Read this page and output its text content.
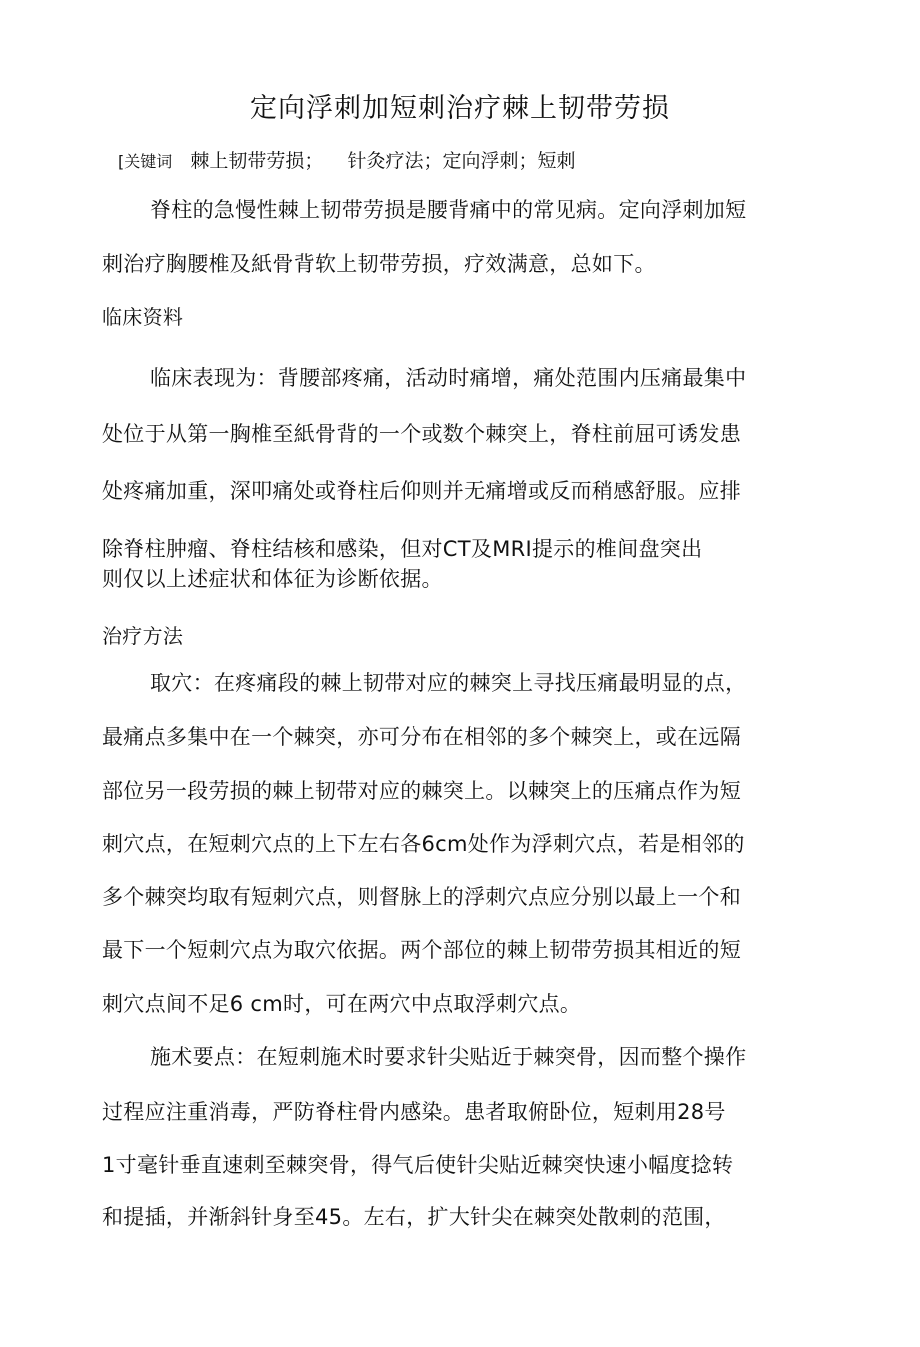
定向浮刺加短刺治疗棘上韧带劳损
[关键词 棘上韧带劳损；    针灸疗法；定向浮刺；短刺
脊柱的急慢性棘上韧带劳损是腰背痛中的常见病。定向浮刺加短
刺治疗胸腰椎及紙骨背软上韧带劳损，疗效满意，总如下。
临床资料
临床表现为：背腰部疼痛，活动时痛增，痛处范围内压痛最集中
处位于从第一胸椎至紙骨背的一个或数个棘突上，脊柱前屈可诱发患
处疼痛加重，深叩痛处或脊柱后仰则并无痛增或反而稍感舒服。应排
除脊柱肿瘤、脊柱结核和感染，但对CT及MRI提示的椎间盘突出
则仅以上述症状和体征为诊断依据。
治疗方法
取穴：在疼痛段的棘上韧带对应的棘突上寻找压痛最明显的点，
最痛点多集中在一个棘突，亦可分布在相邻的多个棘突上，或在远隔
部位另一段劳损的棘上韧带对应的棘突上。以棘突上的压痛点作为短
刺穴点，在短刺穴点的上下左右各6cm处作为浮刺穴点，若是相邻的
多个棘突均取有短刺穴点，则督脉上的浮刺穴点应分别以最上一个和
最下一个短刺穴点为取穴依据。两个部位的棘上韧带劳损其相近的短
刺穴点间不足6 cm时，可在两穴中点取浮刺穴点。
施术要点：在短刺施术时要求针尖贴近于棘突骨，因而整个操作
过程应注重消毒，严防脊柱骨内感染。患者取俯卧位，短刺用28号
1寸毫针垂直速刺至棘突骨，得气后使针尖贴近棘突快速小幅度捻转
和提插，并渐斜针身至45。左右，扩大针尖在棘突处散刺的范围，
